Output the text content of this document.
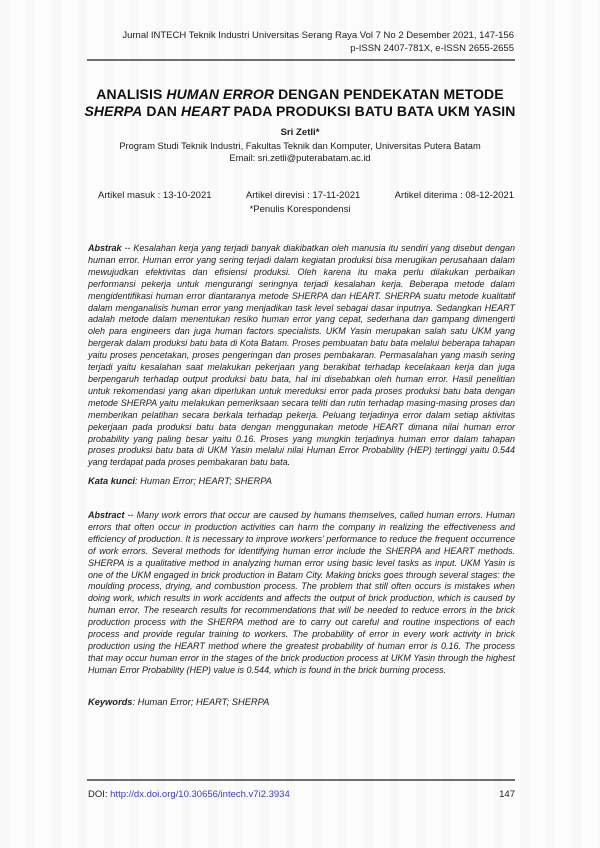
Jurnal INTECH Teknik Industri Universitas Serang Raya Vol 7 No 2 Desember 2021, 147-156
p-ISSN 2407-781X, e-ISSN 2655-2655
ANALISIS HUMAN ERROR DENGAN PENDEKATAN METODE
SHERPA DAN HEART PADA PRODUKSI BATU BATA UKM YASIN
Sri Zetli*
Program Studi Teknik Industri, Fakultas Teknik dan Komputer, Universitas Putera Batam
Email: sri.zetli@puterabatam.ac.id
Artikel masuk : 13-10-2021	Artikel direvisi : 17-11-2021	Artikel diterima : 08-12-2021
*Penulis Korespondensi

Abstrak -- Kesalahan kerja yang terjadi banyak diakibatkan oleh manusia itu sendiri yang disebut dengan human error. Human error yang sering terjadi dalam kegiatan produksi bisa merugikan perusahaan dalam mewujudkan efektivitas dan efisiensi produksi. Oleh karena itu maka perlu dilakukan perbaikan performansi pekerja untuk mengurangi seringnya terjadi kesalahan kerja. Beberapa metode dalam mengidentifikasi human error diantaranya metode SHERPA dan HEART. SHERPA suatu metode kualitatif dalam menganalisis human error yang menjadikan task level sebagai dasar inputnya. Sedangkan HEART adalah metode dalam menentukan resiko human error yang cepat, sederhana dan gampang dimengerti oleh para engineers dan juga human factors specialists. UKM Yasin merupakan salah satu UKM yang bergerak dalam produksi batu bata di Kota Batam. Proses pembuatan batu bata melalui beberapa tahapan yaitu proses pencetakan, proses pengeringan dan proses pembakaran. Permasalahan yang masih sering terjadi yaitu kesalahan saat melakukan pekerjaan yang berakibat terhadap kecelakaan kerja dan juga berpengaruh terhadap output produksi batu bata, hal ini disebabkan oleh human error. Hasil penelitian untuk rekomendasi yang akan diperlukan untuk mereduksi error pada proses produksi batu bata dengan metode SHERPA yaitu melakukan pemeriksaan secara teliti dan rutin terhadap masing-masing proses dan memberikan pelatihan secara berkala terhadap pekerja. Peluang terjadinya error dalam setiap aktivitas pekerjaan pada produksi batu bata dengan menggunakan metode HEART dimana nilai human error probability yang paling besar yaitu 0.16. Proses yang mungkin terjadinya human error dalam tahapan proses produksi batu bata di UKM Yasin melalui nilai Human Error Probability (HEP) tertinggi yaitu 0.544 yang terdapat pada proses pembakaran batu bata.

Kata kunci: Human Error; HEART; SHERPA

Abstract -- Many work errors that occur are caused by humans themselves, called human errors. Human errors that often occur in production activities can harm the company in realizing the effectiveness and efficiency of production. It is necessary to improve workers’ performance to reduce the frequent occurrence of work errors. Several methods for identifying human error include the SHERPA and HEART methods. SHERPA is a qualitative method in analyzing human error using basic level tasks as input. UKM Yasin is one of the UKM engaged in brick production in Batam City. Making bricks goes through several stages: the moulding process, drying, and combustion process. The problem that still often occurs is mistakes when doing work, which results in work accidents and affects the output of brick production, which is caused by human error. The research results for recommendations that will be needed to reduce errors in the brick production process with the SHERPA method are to carry out careful and routine inspections of each process and provide regular training to workers. The probability of error in every work activity in brick production using the HEART method where the greatest probability of human error is 0.16. The process that may occur human error in the stages of the brick production process at UKM Yasin through the highest Human Error Probability (HEP) value is 0.544, which is found in the brick burning process.

Keywords: Human Error; HEART; SHERPA

DOI: http://dx.doi.org/10.30656/intech.v7i2.3934	147
